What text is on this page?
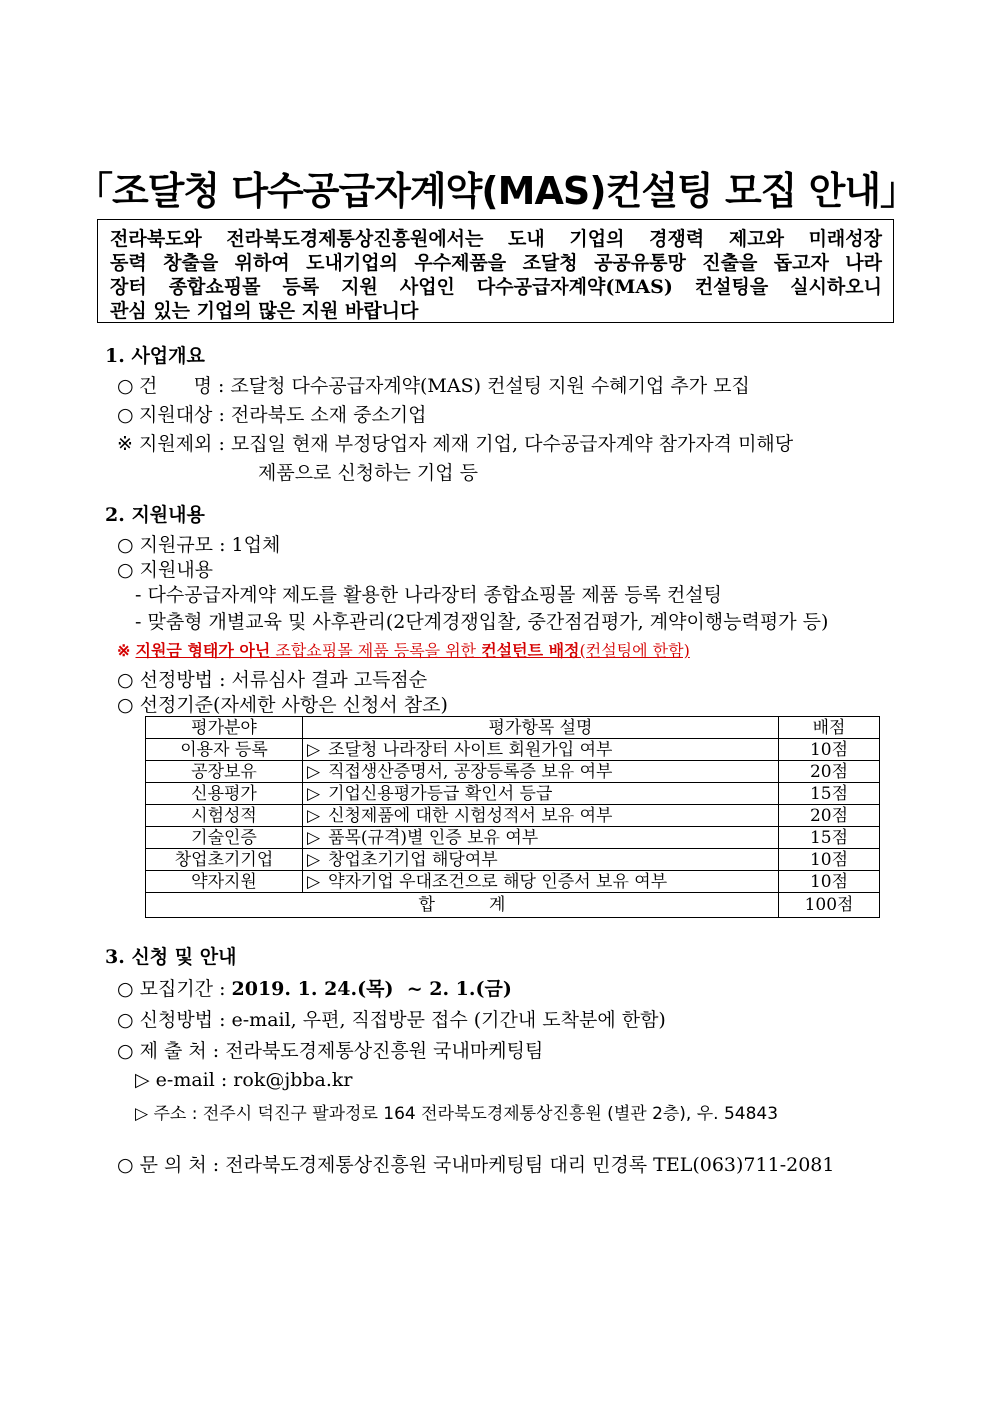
「조달청 다수공급자계약(MAS)컨설팅 모집 안내」
전라북도와 전라북도경제통상진흥원에서는 도내 기업의 경쟁력 제고와 미래성장
동력 창출을 위하여 도내기업의 우수제품을 조달청 공공유통망 진출을 돕고자 나라
장터 종합쇼핑몰 등록 지원 사업인 다수공급자계약(MAS) 컨설팅을 실시하오니
관심 있는 기업의 많은 지원 바랍니다
1. 사업개요
○ 건      명 : 조달청 다수공급자계약(MAS) 컨설팅 지원 수혜기업 추가 모집
○ 지원대상 : 전라북도 소재 중소기업
※ 지원제외 : 모집일 현재 부정당업자 제재 기업, 다수공급자계약 참가자격 미해당
제품으로 신청하는 기업 등
2. 지원내용
○ 지원규모 : 1업체
○ 지원내용
- 다수공급자계약 제도를 활용한 나라장터 종합쇼핑몰 제품 등록 컨설팅
- 맞춤형 개별교육 및 사후관리(2단계경쟁입찰, 중간점검평가, 계약이행능력평가 등)
※ 지원금 형태가 아닌 조합쇼핑몰 제품 등록을 위한 컨설턴트 배정(컨설팅에 한함)
○ 선정방법 : 서류심사 결과 고득점순
○ 선정기준(자세한 사항은 신청서 참조)
평가분야	평가항목 설명	배점
이용자 등록	▷ 조달청 나라장터 사이트 회원가입 여부	10점
공장보유	▷ 직접생산증명서, 공장등록증 보유 여부	20점
신용평가	▷ 기업신용평가등급 확인서 등급	15점
시험성적	▷ 신청제품에 대한 시험성적서 보유 여부	20점
기술인증	▷ 품목(규격)별 인증 보유 여부	15점
창업초기기업	▷ 창업초기기업 해당여부	10점
약자지원	▷ 약자기업 우대조건으로 해당 인증서 보유 여부	10점
합          계		100점
3. 신청 및 안내
○ 모집기간 : 2019. 1. 24.(목)  ~ 2. 1.(금)
○ 신청방법 : e-mail, 우편, 직접방문 접수 (기간내 도착분에 한함)
○ 제 출 처 : 전라북도경제통상진흥원 국내마케팅팀
▷ e-mail : rok@jbba.kr
▷ 주소 : 전주시 덕진구 팔과정로 164 전라북도경제통상진흥원 (별관 2층), 우. 54843
○ 문 의 처 : 전라북도경제통상진흥원 국내마케팅팀 대리 민경록 TEL(063)711-2081
